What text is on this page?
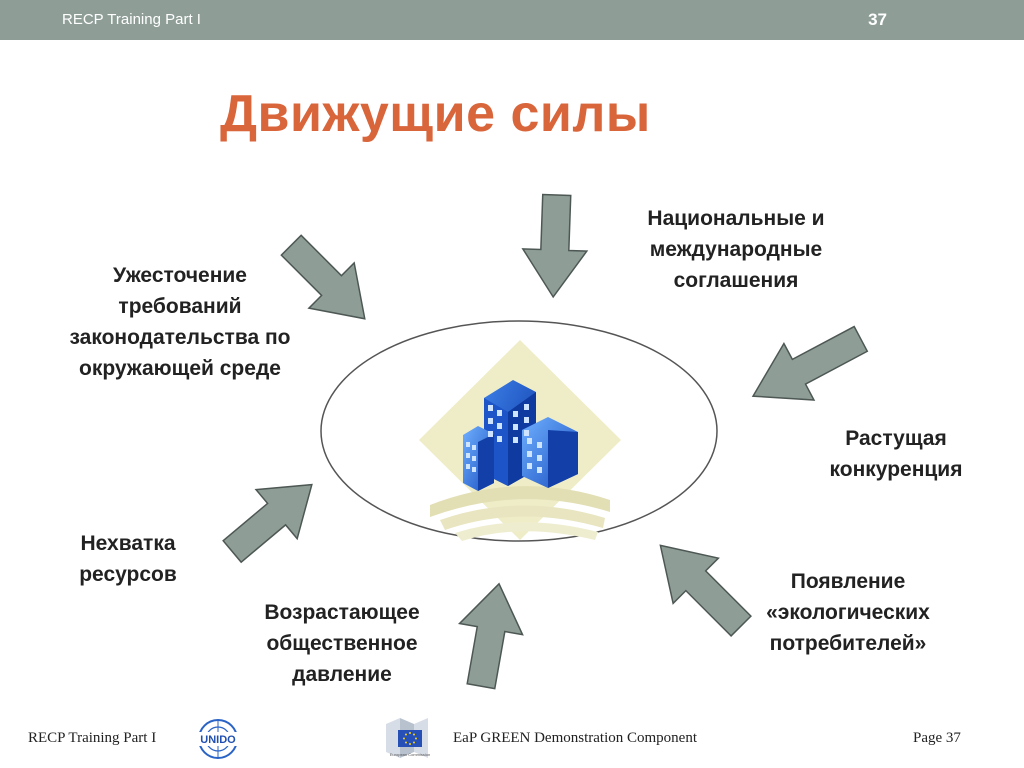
RECP Training Part I	37
Движущие силы
Ужесточение
требований
законодательства по
окружающей среде
Национальные и
международные
соглашения
Растущая
конкуренция
Появление
«экологических
потребителей»
Возрастающее
общественное
давление
Нехватка
ресурсов
RECP Training Part I	UNIDO
European Commission
EaP GREEN Demonstration Component	Page 37
